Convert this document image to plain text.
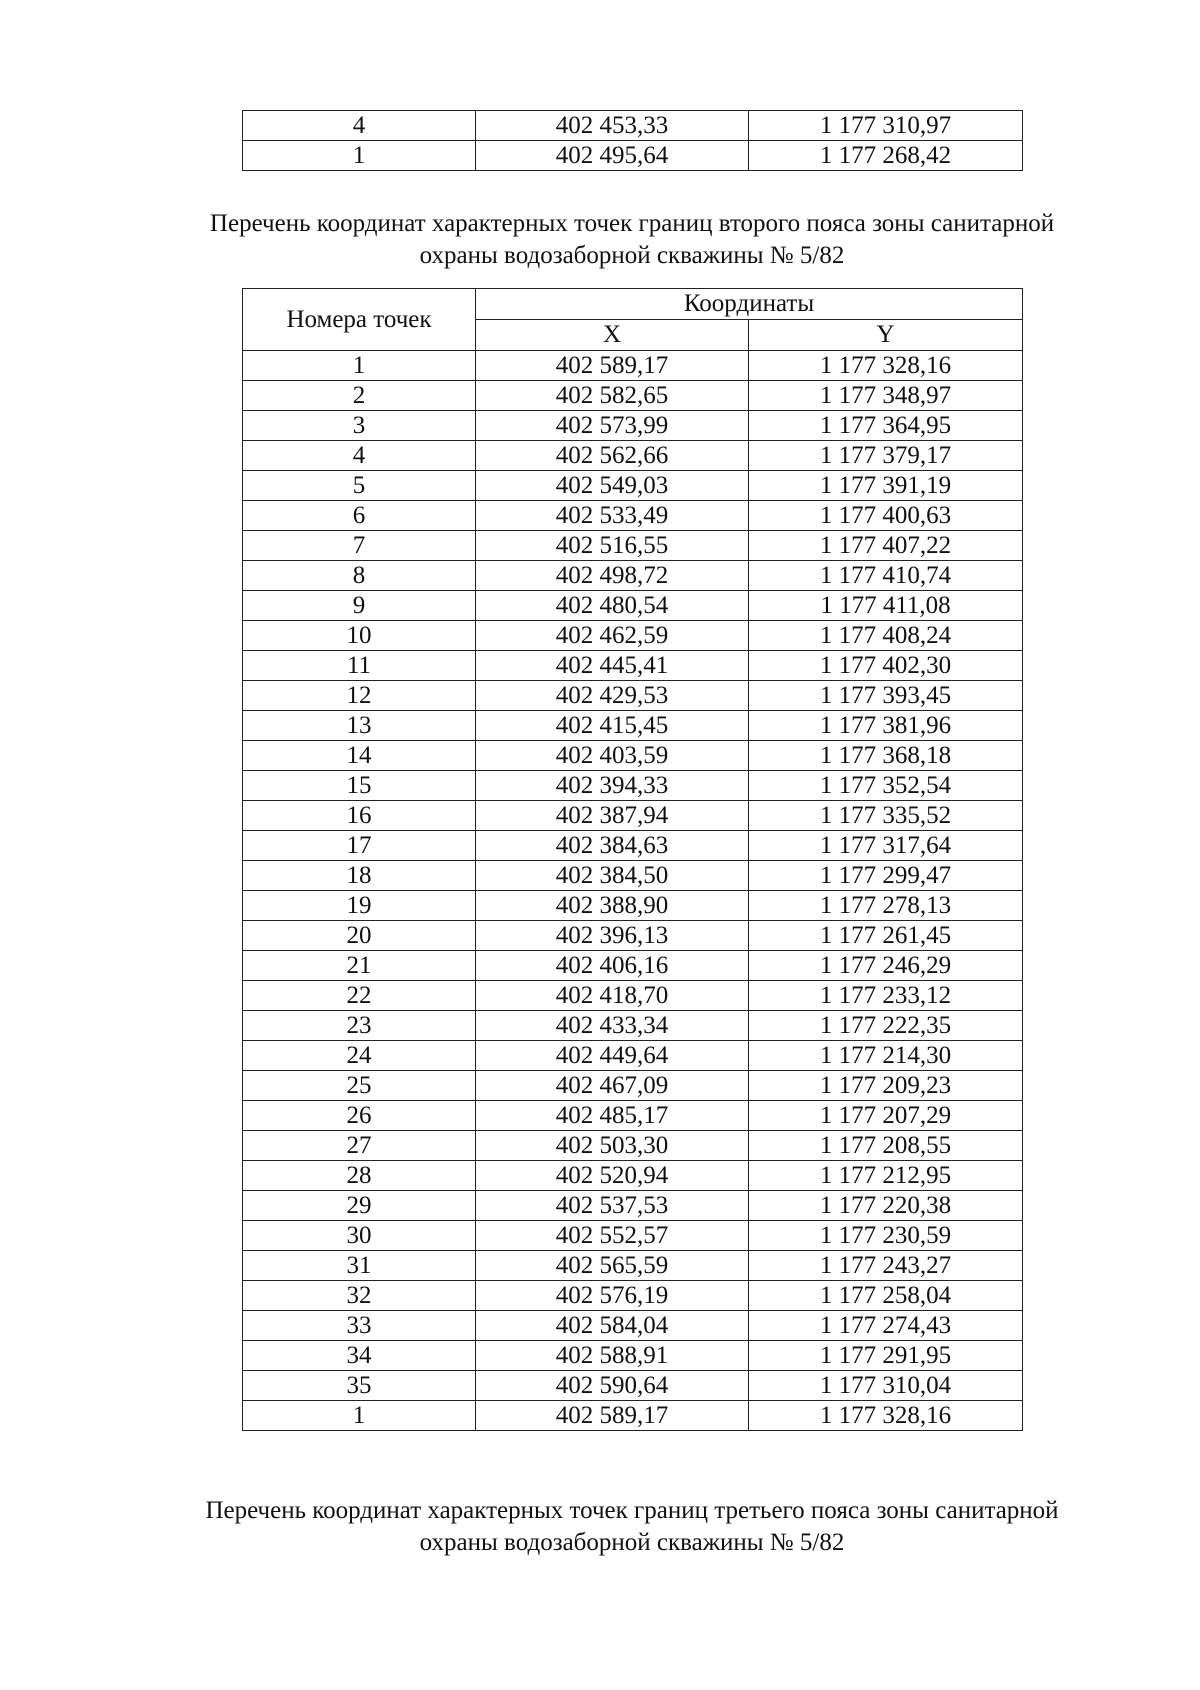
4	402 453,33	1 177 310,97
1	402 495,64	1 177 268,42
Перечень координат характерных точек границ второго пояса зоны санитарной
охраны водозаборной скважины № 5/82
Номера точек	Координаты	
	X	Y
1	402 589,17	1 177 328,16
2	402 582,65	1 177 348,97
3	402 573,99	1 177 364,95
4	402 562,66	1 177 379,17
5	402 549,03	1 177 391,19
6	402 533,49	1 177 400,63
7	402 516,55	1 177 407,22
8	402 498,72	1 177 410,74
9	402 480,54	1 177 411,08
10	402 462,59	1 177 408,24
11	402 445,41	1 177 402,30
12	402 429,53	1 177 393,45
13	402 415,45	1 177 381,96
14	402 403,59	1 177 368,18
15	402 394,33	1 177 352,54
16	402 387,94	1 177 335,52
17	402 384,63	1 177 317,64
18	402 384,50	1 177 299,47
19	402 388,90	1 177 278,13
20	402 396,13	1 177 261,45
21	402 406,16	1 177 246,29
22	402 418,70	1 177 233,12
23	402 433,34	1 177 222,35
24	402 449,64	1 177 214,30
25	402 467,09	1 177 209,23
26	402 485,17	1 177 207,29
27	402 503,30	1 177 208,55
28	402 520,94	1 177 212,95
29	402 537,53	1 177 220,38
30	402 552,57	1 177 230,59
31	402 565,59	1 177 243,27
32	402 576,19	1 177 258,04
33	402 584,04	1 177 274,43
34	402 588,91	1 177 291,95
35	402 590,64	1 177 310,04
1	402 589,17	1 177 328,16
Перечень координат характерных точек границ третьего пояса зоны санитарной
охраны водозаборной скважины № 5/82
